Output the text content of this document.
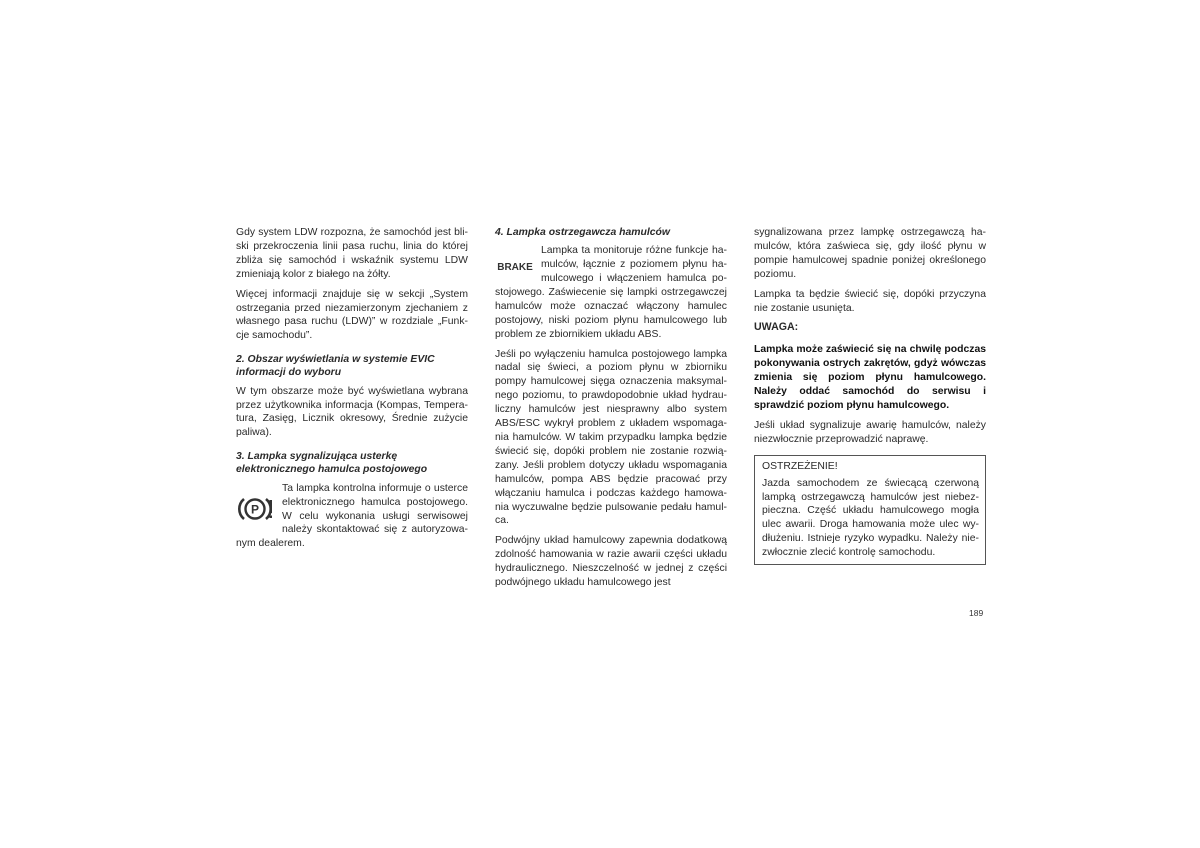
Gdy system LDW rozpozna, że samochód jest bliski przekroczenia linii pasa ruchu, linia do której zbliża się samochód i wskaźnik systemu LDW zmieniają kolor z białego na żółty.

Więcej informacji znajduje się w sekcji „System ostrzegania przed niezamierzonym zjechaniem z własnego pasa ruchu (LDW)” w rozdziale „Funkcje samochodu”.

2. Obszar wyświetlania w systemie EVIC informacji do wyboru

W tym obszarze może być wyświetlana wybrana przez użytkownika informacja (Kompas, Temperatura, Zasięg, Licznik okresowy, Średnie zużycie paliwa).

3. Lampka sygnalizująca usterkę elektronicznego hamulca postojowego
P

Ta lampka kontrolna informuje o usterce elektronicznego hamulca postojowego. W celu wykonania usługi serwisowej należy skontaktować się z autoryzowanym dealerem.

4. Lampka ostrzegawcza hamulców
BRAKE

Lampka ta monitoruje różne funkcje hamulców, łącznie z poziomem płynu hamulcowego i włączeniem hamulca postojowego. Zaświecenie się lampki ostrzegawczej hamulców może oznaczać włączony hamulec postojowy, niski poziom płynu hamulcowego lub problem ze zbiornikiem układu ABS.

Jeśli po wyłączeniu hamulca postojowego lampka nadal się świeci, a poziom płynu w zbiorniku pompy hamulcowej sięga oznaczenia maksymalnego poziomu, to prawdopodobnie układ hydrauliczny hamulców jest niesprawny albo system ABS/ESC wykrył problem z układem wspomagania hamulców. W takim przypadku lampka będzie świecić się, dopóki problem nie zostanie rozwiązany. Jeśli problem dotyczy układu wspomagania hamulców, pompa ABS będzie pracować przy włączaniu hamulca i podczas każdego hamowania wyczuwalne będzie pulsowanie pedału hamulca.

Podwójny układ hamulcowy zapewnia dodatkową zdolność hamowania w razie awarii części układu hydraulicznego. Nieszczelność w jednej z części podwójnego układu hamulcowego jest

sygnalizowana przez lampkę ostrzegawczą hamulców, która zaświeca się, gdy ilość płynu w pompie hamulcowej spadnie poniżej określonego poziomu.

Lampka ta będzie świecić się, dopóki przyczyna nie zostanie usunięta.

UWAGA:

Lampka może zaświecić się na chwilę podczas pokonywania ostrych zakrętów, gdyż wówczas zmienia się poziom płynu hamulcowego. Należy oddać samochód do serwisu i sprawdzić poziom płynu hamulcowego.

Jeśli układ sygnalizuje awarię hamulców, należy niezwłocznie przeprowadzić naprawę.

OSTRZEŻENIE!

Jazda samochodem ze świecącą czerwoną lampką ostrzegawczą hamulców jest niebezpieczna. Część układu hamulcowego mogła ulec awarii. Droga hamowania może ulec wydłużeniu. Istnieje ryzyko wypadku. Należy niezwłocznie zlecić kontrolę samochodu.

189
